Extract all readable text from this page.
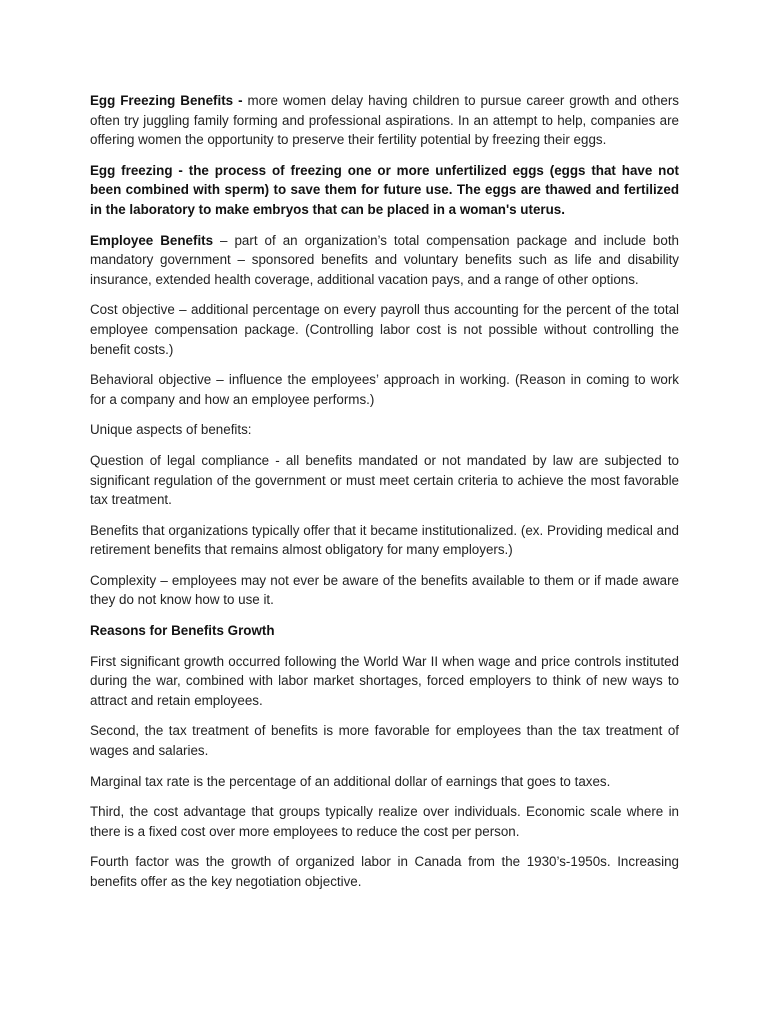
Egg Freezing Benefits - more women delay having children to pursue career growth and others often try juggling family forming and professional aspirations. In an attempt to help, companies are offering women the opportunity to preserve their fertility potential by freezing their eggs.

Egg freezing - the process of freezing one or more unfertilized eggs (eggs that have not been combined with sperm) to save them for future use. The eggs are thawed and fertilized in the laboratory to make embryos that can be placed in a woman's uterus.

Employee Benefits – part of an organization’s total compensation package and include both mandatory government – sponsored benefits and voluntary benefits such as life and disability insurance, extended health coverage, additional vacation pays, and a range of other options.

Cost objective – additional percentage on every payroll thus accounting for the percent of the total employee compensation package. (Controlling labor cost is not possible without controlling the benefit costs.)

Behavioral objective – influence the employees’ approach in working. (Reason in coming to work for a company and how an employee performs.)

Unique aspects of benefits:

Question of legal compliance - all benefits mandated or not mandated by law are subjected to significant regulation of the government or must meet certain criteria to achieve the most favorable tax treatment.

Benefits that organizations typically offer that it became institutionalized. (ex. Providing medical and retirement benefits that remains almost obligatory for many employers.)

Complexity – employees may not ever be aware of the benefits available to them or if made aware they do not know how to use it.

Reasons for Benefits Growth

First significant growth occurred following the World War II when wage and price controls instituted during the war, combined with labor market shortages, forced employers to think of new ways to attract and retain employees.

Second, the tax treatment of benefits is more favorable for employees than the tax treatment of wages and salaries.

Marginal tax rate is the percentage of an additional dollar of earnings that goes to taxes.

Third, the cost advantage that groups typically realize over individuals. Economic scale where in there is a fixed cost over more employees to reduce the cost per person.

Fourth factor was the growth of organized labor in Canada from the 1930’s-1950s. Increasing benefits offer as the key negotiation objective.
